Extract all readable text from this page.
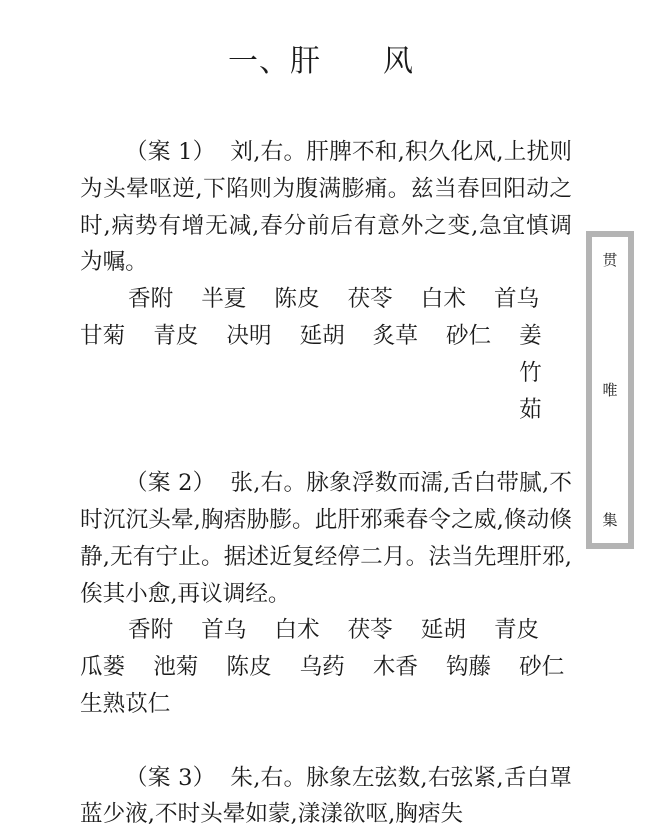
一、肝 风

（案 1） 刘,右。肝脾不和,积久化风,上扰则为头晕呕逆,下陷则为腹满膨痛。兹当春回阳动之时,病势有增无减,春分前后有意外之变,急宜慎调为嘱。

香附	半夏	陈皮	茯苓	白术	首乌
甘菊	青皮	决明	延胡	炙草	砂仁	姜竹茹

（案 2） 张,右。脉象浮数而濡,舌白带腻,不时沉沉头晕,胸痞胁膨。此肝邪乘春令之威,倏动倏静,无有宁止。据述近复经停二月。法当先理肝邪,俟其小愈,再议调经。

香附	首乌	白术	茯苓	延胡	青皮
瓜蒌	池菊	陈皮	乌药	木香	钩藤	砂仁
生熟苡仁

（案 3） 朱,右。脉象左弦数,右弦紧,舌白罩蓝少液,不时头晕如蒙,漾漾欲呕,胸痞失

贯
唯
集
